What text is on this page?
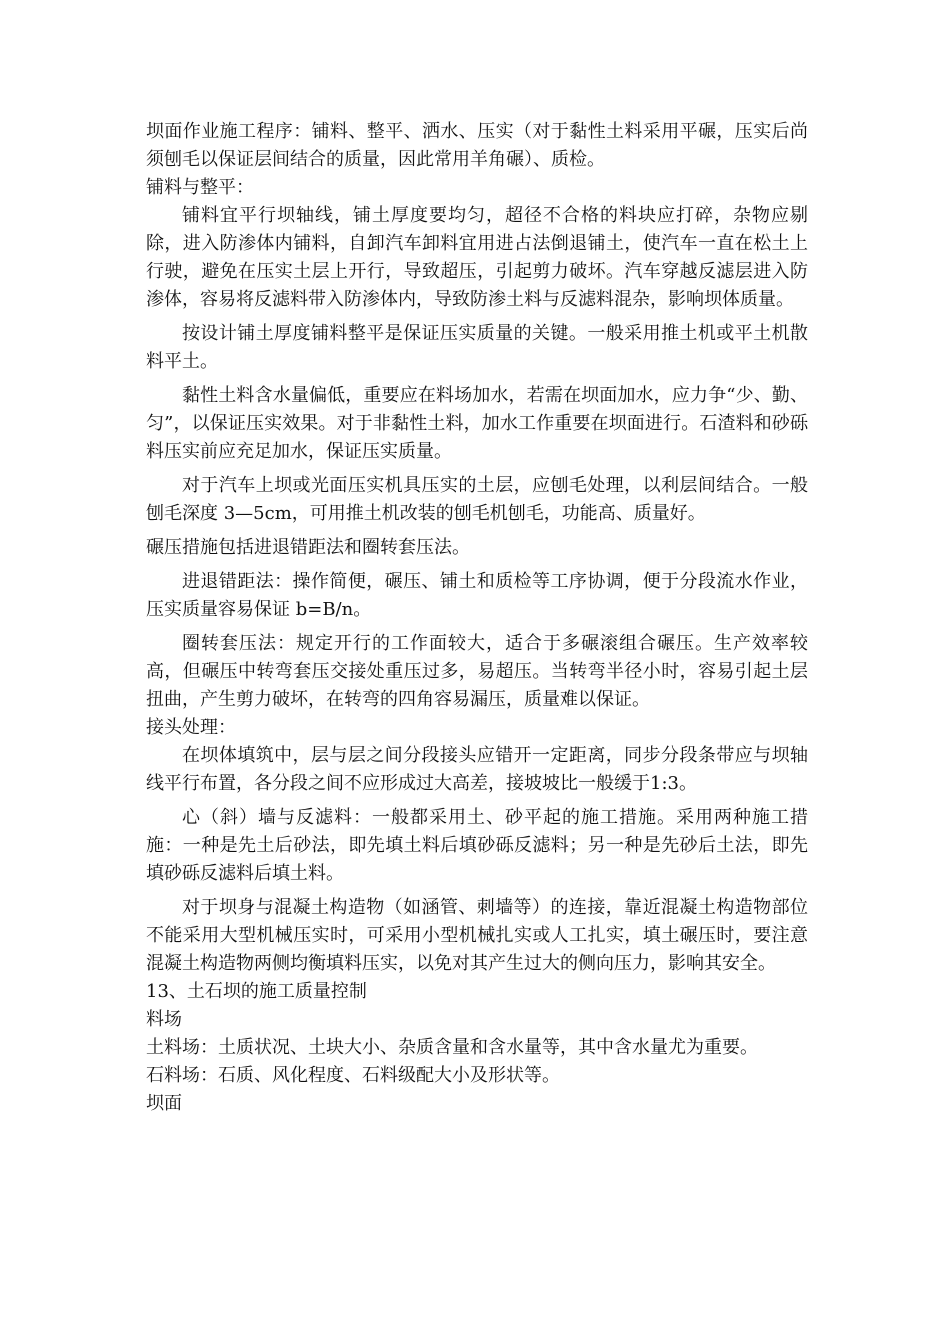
坝面作业施工程序：铺料、整平、洒水、压实（对于黏性土料采用平碾，压实后尚须刨毛以保证层间结合的质量，因此常用羊角碾）、质检。

铺料与整平：

铺料宜平行坝轴线，铺土厚度要均匀，超径不合格的料块应打碎，杂物应剔除，进入防渗体内铺料，自卸汽车卸料宜用进占法倒退铺土，使汽车一直在松土上行驶，避免在压实土层上开行，导致超压，引起剪力破坏。汽车穿越反滤层进入防渗体，容易将反滤料带入防渗体内，导致防渗土料与反滤料混杂，影响坝体质量。

按设计铺土厚度铺料整平是保证压实质量的关键。一般采用推土机或平土机散料平土。

黏性土料含水量偏低，重要应在料场加水，若需在坝面加水，应力争“少、勤、匀”，以保证压实效果。对于非黏性土料，加水工作重要在坝面进行。石渣料和砂砾料压实前应充足加水，保证压实质量。

对于汽车上坝或光面压实机具压实的土层，应刨毛处理，以利层间结合。一般刨毛深度 3—5cm，可用推土机改装的刨毛机刨毛，功能高、质量好。

碾压措施包括进退错距法和圈转套压法。

进退错距法：操作简便，碾压、铺土和质检等工序协调，便于分段流水作业，压实质量容易保证 b=B/n。

圈转套压法：规定开行的工作面较大，适合于多碾滚组合碾压。生产效率较高，但碾压中转弯套压交接处重压过多，易超压。当转弯半径小时，容易引起土层扭曲，产生剪力破坏，在转弯的四角容易漏压，质量难以保证。

接头处理：

在坝体填筑中，层与层之间分段接头应错开一定距离，同步分段条带应与坝轴线平行布置，各分段之间不应形成过大高差，接坡坡比一般缓于1:3。

心（斜）墙与反滤料：一般都采用土、砂平起的施工措施。采用两种施工措施：一种是先土后砂法，即先填土料后填砂砾反滤料；另一种是先砂后土法，即先填砂砾反滤料后填土料。

对于坝身与混凝土构造物（如涵管、刺墙等）的连接，靠近混凝土构造物部位不能采用大型机械压实时，可采用小型机械扎实或人工扎实，填土碾压时，要注意混凝土构造物两侧均衡填料压实，以免对其产生过大的侧向压力，影响其安全。

13、土石坝的施工质量控制

料场

土料场：土质状况、土块大小、杂质含量和含水量等，其中含水量尤为重要。

石料场：石质、风化程度、石料级配大小及形状等。

坝面
